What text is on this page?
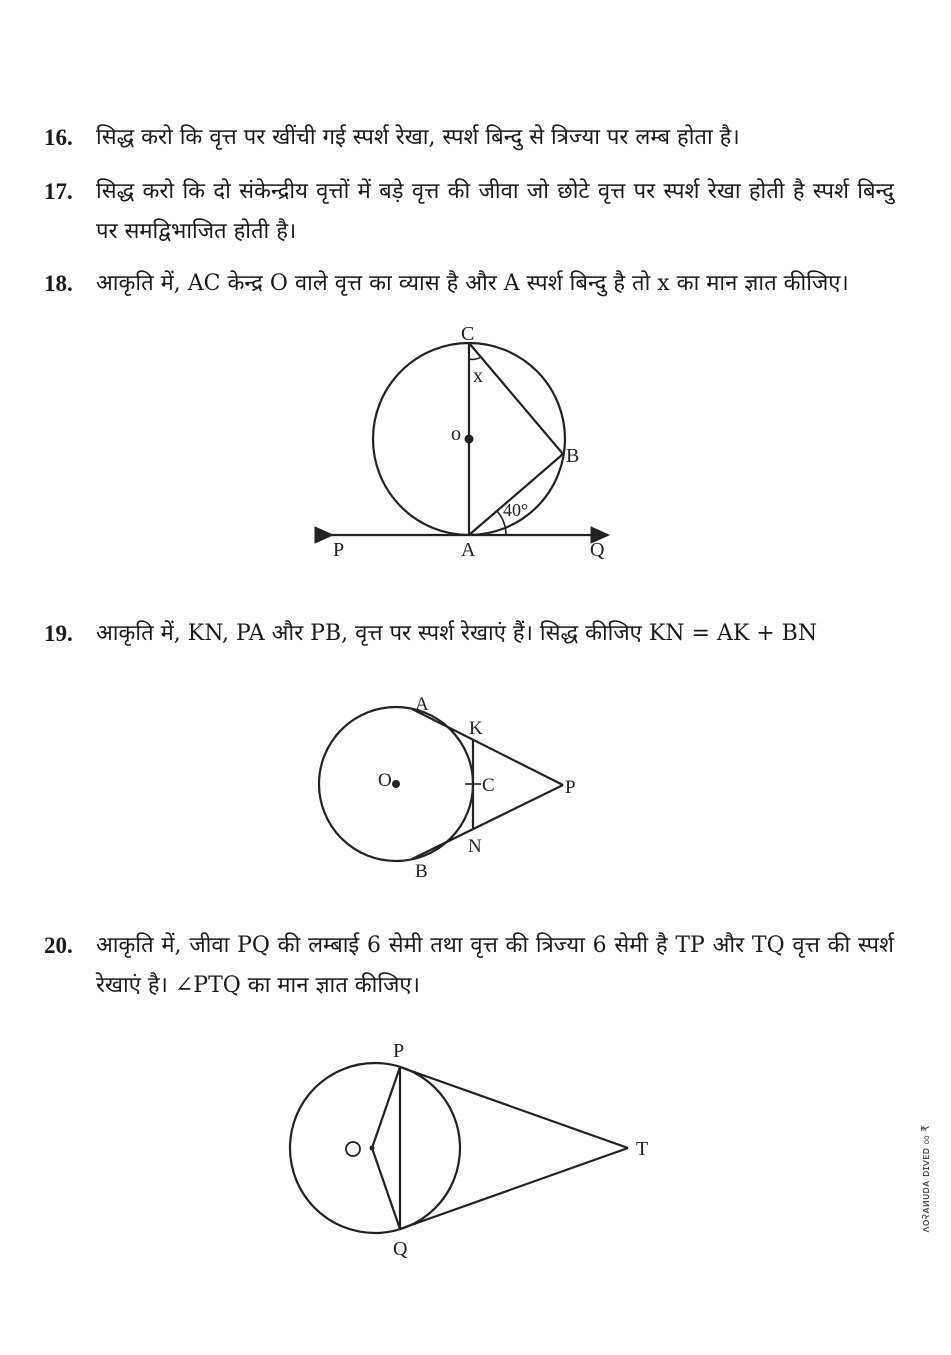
16. सिद्ध करो कि वृत्त पर खींची गई स्पर्श रेखा, स्पर्श बिन्दु से त्रिज्या पर लम्ब होता है।
17. सिद्ध करो कि दो संकेन्द्रीय वृत्तों में बड़े वृत्त की जीवा जो छोटे वृत्त पर स्पर्श रेखा होती है स्पर्श बिन्दु पर समद्विभाजित होती है।
18. आकृति में, AC केन्द्र O वाले वृत्त का व्यास है और A स्पर्श बिन्दु है तो x का मान ज्ञात कीजिए।
19. आकृति में, KN, PA और PB, वृत्त पर स्पर्श रेखाएं हैं। सिद्ध कीजिए KN = AK + BN
20. आकृति में, जीवा PQ की लम्बाई 6 सेमी तथा वृत्त की त्रिज्या 6 सेमी है TP और TQ वृत्त की स्पर्श रेखाएं है। ∠PTQ का मान ज्ञात कीजिए।
C
x
o
B
40°
P	A	Q
A
K
O	C	P
N
B
P
T
Q
ᴧᴏ२ᴀᴎᴜᴅᴀ ᴅɪᴠᴇᴅ ₀₀ ₹
